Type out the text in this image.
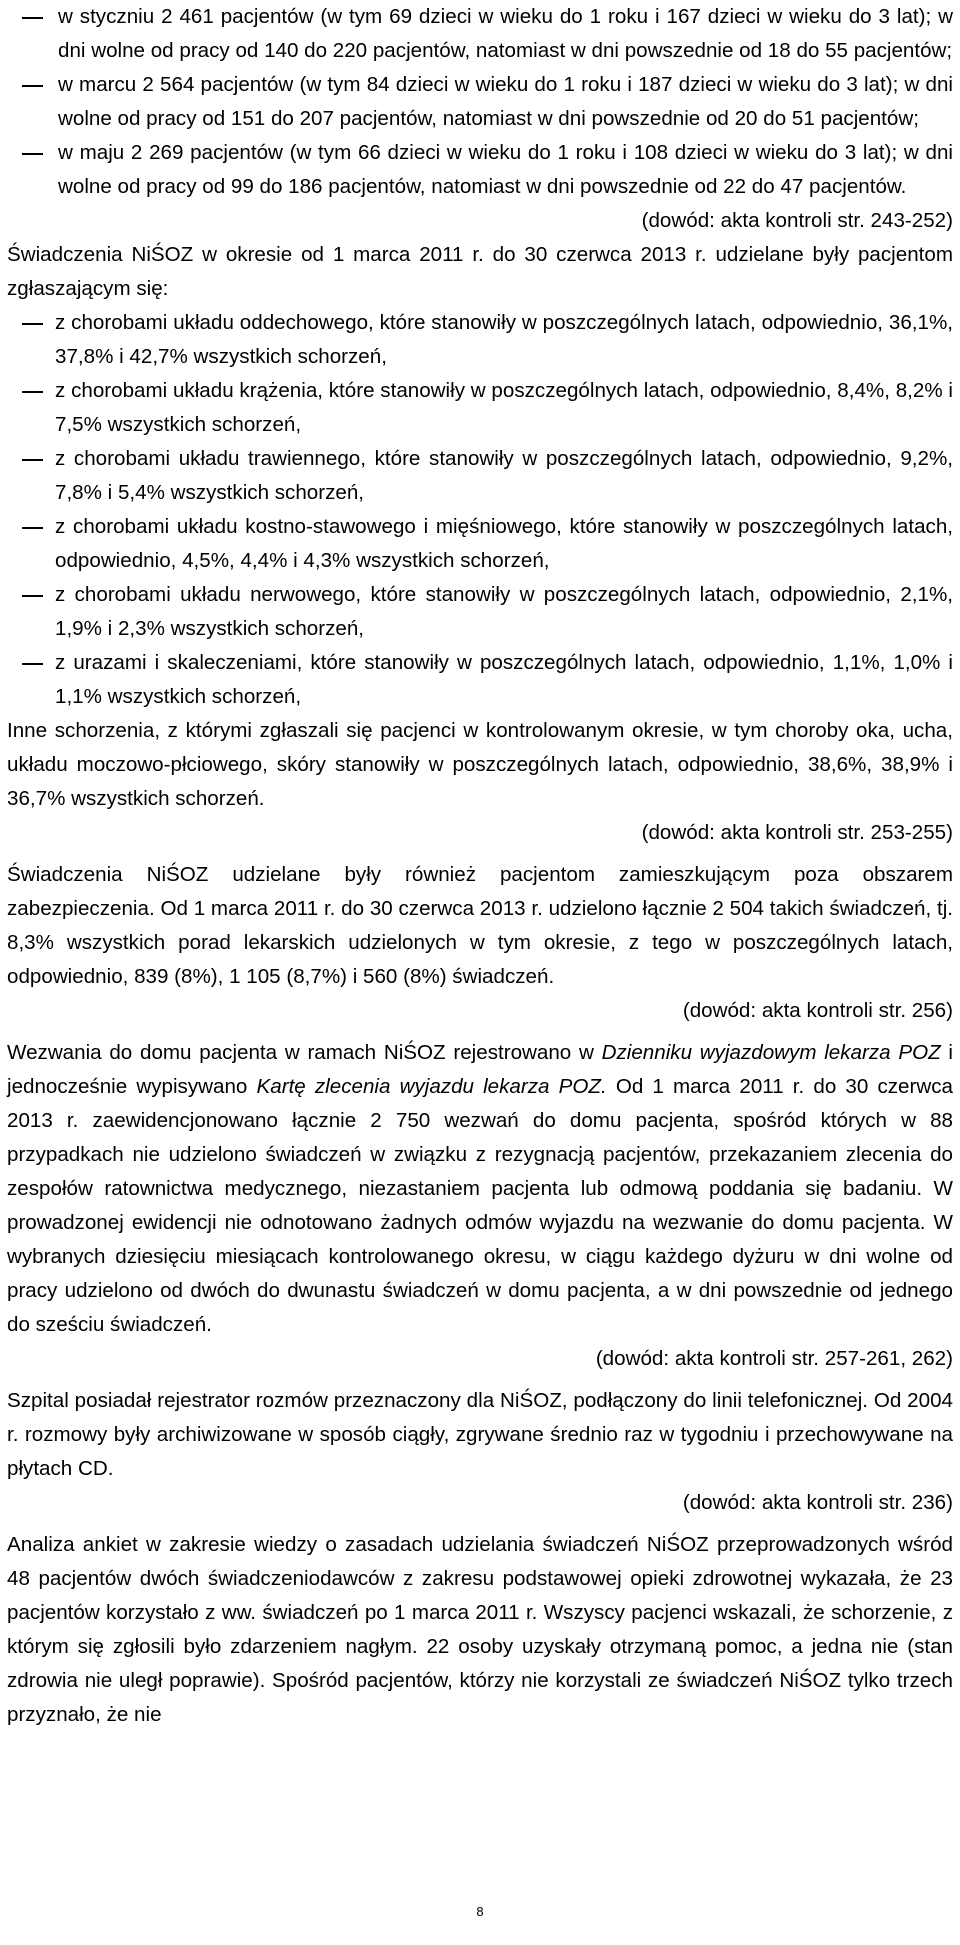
w styczniu 2 461 pacjentów (w tym 69 dzieci w wieku do 1 roku i 167 dzieci w wieku do 3 lat); w dni wolne od pracy od 140 do 220 pacjentów, natomiast w dni powszednie od 18 do 55 pacjentów;

w marcu 2 564 pacjentów (w tym 84 dzieci w wieku do 1 roku i 187 dzieci w wieku do 3 lat); w dni wolne od pracy od 151 do 207 pacjentów, natomiast w dni powszednie od 20 do 51 pacjentów;

w maju 2 269 pacjentów (w tym 66 dzieci w wieku do 1 roku i 108 dzieci w wieku do 3 lat); w dni wolne od pracy od 99 do 186 pacjentów, natomiast w dni powszednie od 22 do 47 pacjentów.

(dowód: akta kontroli str. 243-252)

Świadczenia NiŚOZ w okresie od 1 marca 2011 r. do 30 czerwca 2013 r. udzielane były pacjentom zgłaszającym się:

z chorobami układu oddechowego, które stanowiły w poszczególnych latach, odpowiednio, 36,1%, 37,8% i 42,7% wszystkich schorzeń,

z chorobami układu krążenia, które stanowiły w poszczególnych latach, odpowiednio, 8,4%, 8,2% i 7,5% wszystkich schorzeń,

z chorobami układu trawiennego, które stanowiły w poszczególnych latach, odpowiednio, 9,2%, 7,8% i 5,4% wszystkich schorzeń,

z chorobami układu kostno-stawowego i mięśniowego, które stanowiły w poszczególnych latach, odpowiednio, 4,5%, 4,4% i 4,3% wszystkich schorzeń,

z chorobami układu nerwowego, które stanowiły w poszczególnych latach, odpowiednio, 2,1%, 1,9% i 2,3% wszystkich schorzeń,

z urazami i skaleczeniami, które stanowiły w poszczególnych latach, odpowiednio, 1,1%, 1,0% i 1,1% wszystkich schorzeń,

Inne schorzenia, z którymi zgłaszali się pacjenci w kontrolowanym okresie, w tym choroby oka, ucha, układu moczowo-płciowego, skóry stanowiły w poszczególnych latach, odpowiednio, 38,6%, 38,9% i 36,7% wszystkich schorzeń.

(dowód: akta kontroli str. 253-255)

Świadczenia NiŚOZ udzielane były również pacjentom zamieszkującym poza obszarem zabezpieczenia. Od 1 marca 2011 r. do 30 czerwca 2013 r. udzielono łącznie 2 504 takich świadczeń, tj. 8,3% wszystkich porad lekarskich udzielonych w tym okresie, z tego w poszczególnych latach, odpowiednio, 839 (8%), 1 105 (8,7%) i 560 (8%) świadczeń.

(dowód: akta kontroli str. 256)

Wezwania do domu pacjenta w ramach NiŚOZ rejestrowano w Dzienniku wyjazdowym lekarza POZ i jednocześnie wypisywano Kartę zlecenia wyjazdu lekarza POZ. Od 1 marca 2011 r. do 30 czerwca 2013 r. zaewidencjonowano łącznie 2 750 wezwań do domu pacjenta, spośród których w 88 przypadkach nie udzielono świadczeń w związku z rezygnacją pacjentów, przekazaniem zlecenia do zespołów ratownictwa medycznego, niezastaniem pacjenta lub odmową poddania się badaniu. W prowadzonej ewidencji nie odnotowano żadnych odmów wyjazdu na wezwanie do domu pacjenta. W wybranych dziesięciu miesiącach kontrolowanego okresu, w ciągu każdego dyżuru w dni wolne od pracy udzielono od dwóch do dwunastu świadczeń w domu pacjenta, a w dni powszednie od jednego do sześciu świadczeń.

(dowód: akta kontroli str. 257-261, 262)

Szpital posiadał rejestrator rozmów przeznaczony dla NiŚOZ, podłączony do linii telefonicznej. Od 2004 r. rozmowy były archiwizowane w sposób ciągły, zgrywane średnio raz w tygodniu i przechowywane na płytach CD.

(dowód: akta kontroli str. 236)

Analiza ankiet w zakresie wiedzy o zasadach udzielania świadczeń NiŚOZ przeprowadzonych wśród 48 pacjentów dwóch świadczeniodawców z zakresu podstawowej opieki zdrowotnej wykazała, że 23 pacjentów korzystało z ww. świadczeń po 1 marca 2011 r. Wszyscy pacjenci wskazali, że schorzenie, z którym się zgłosili było zdarzeniem nagłym. 22 osoby uzyskały otrzymaną pomoc, a jedna nie (stan zdrowia nie uległ poprawie). Spośród pacjentów, którzy nie korzystali ze świadczeń NiŚOZ tylko trzech przyznało, że nie

8
